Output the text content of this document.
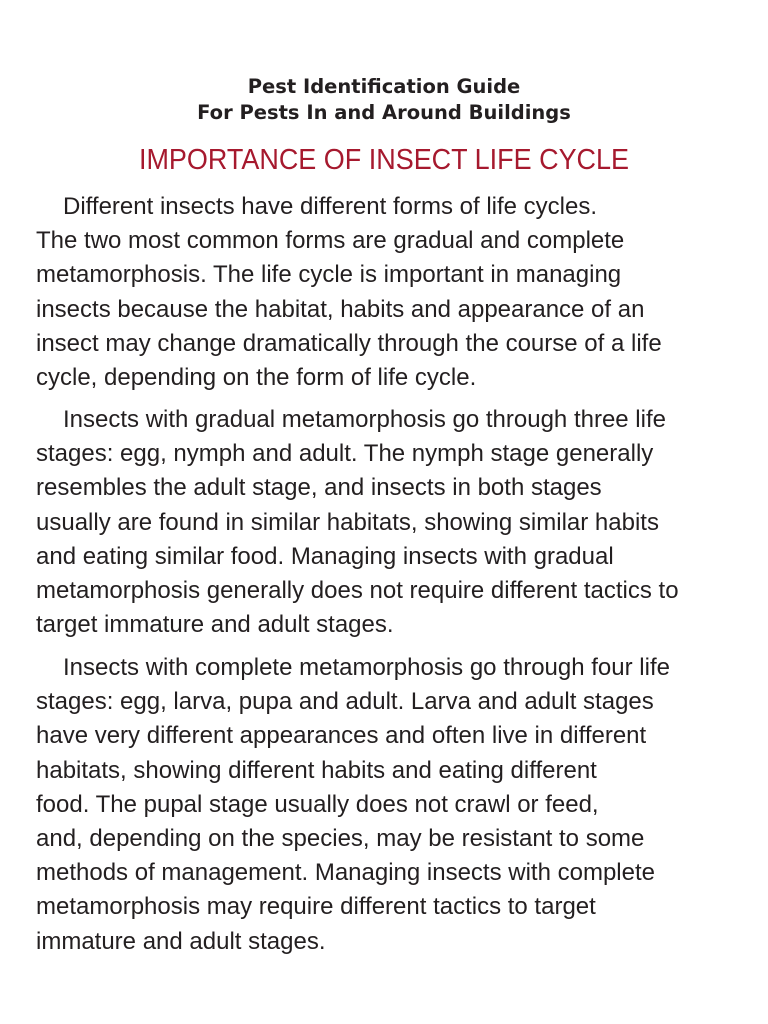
Pest Identification Guide
For Pests In and Around Buildings
IMPORTANCE OF INSECT LIFE CYCLE
Different insects have different forms of life cycles.
The two most common forms are gradual and complete
metamorphosis. The life cycle is important in managing
insects because the habitat, habits and appearance of an
insect may change dramatically through the course of a life
cycle, depending on the form of life cycle.
Insects with gradual metamorphosis go through three life
stages: egg, nymph and adult. The nymph stage generally
resembles the adult stage, and insects in both stages
usually are found in similar habitats, showing similar habits
and eating similar food. Managing insects with gradual
metamorphosis generally does not require different tactics to
target immature and adult stages.
Insects with complete metamorphosis go through four life
stages: egg, larva, pupa and adult. Larva and adult stages
have very different appearances and often live in different
habitats, showing different habits and eating different
food. The pupal stage usually does not crawl or feed,
and, depending on the species, may be resistant to some
methods of management. Managing insects with complete
metamorphosis may require different tactics to target
immature and adult stages.
